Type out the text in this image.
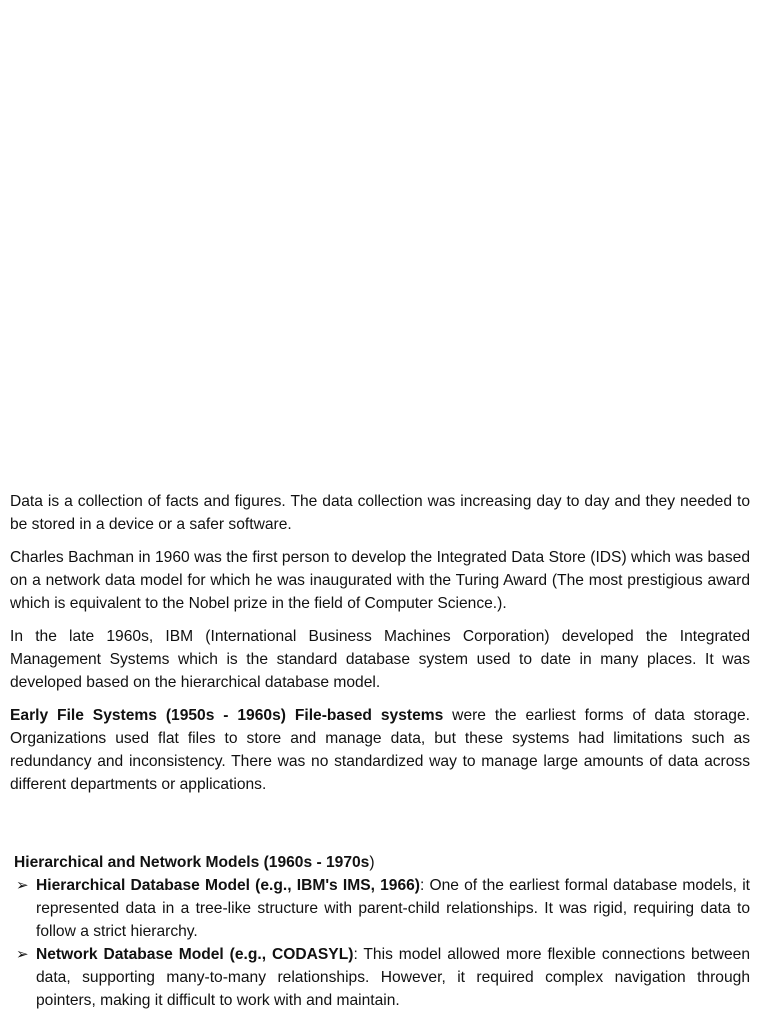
Data is a collection of facts and figures. The data collection was increasing day to day and they needed to be stored in a device or a safer software.

Charles Bachman in 1960 was the first person to develop the Integrated Data Store (IDS) which was based on a network data model for which he was inaugurated with the Turing Award (The most prestigious award which is equivalent to the Nobel prize in the field of Computer Science.).

In the late 1960s, IBM (International Business Machines Corporation) developed the Integrated Management Systems which is the standard database system used to date in many places. It was developed based on the hierarchical database model.

Early File Systems (1950s - 1960s) File-based systems were the earliest forms of data storage. Organizations used flat files to store and manage data, but these systems had limitations such as redundancy and inconsistency. There was no standardized way to manage large amounts of data across different departments or applications.

Hierarchical and Network Models (1960s - 1970s)
➢ Hierarchical Database Model (e.g., IBM's IMS, 1966): One of the earliest formal database models, it represented data in a tree-like structure with parent-child relationships. It was rigid, requiring data to follow a strict hierarchy.
➢ Network Database Model (e.g., CODASYL): This model allowed more flexible connections between data, supporting many-to-many relationships. However, it required complex navigation through pointers, making it difficult to work with and maintain.
